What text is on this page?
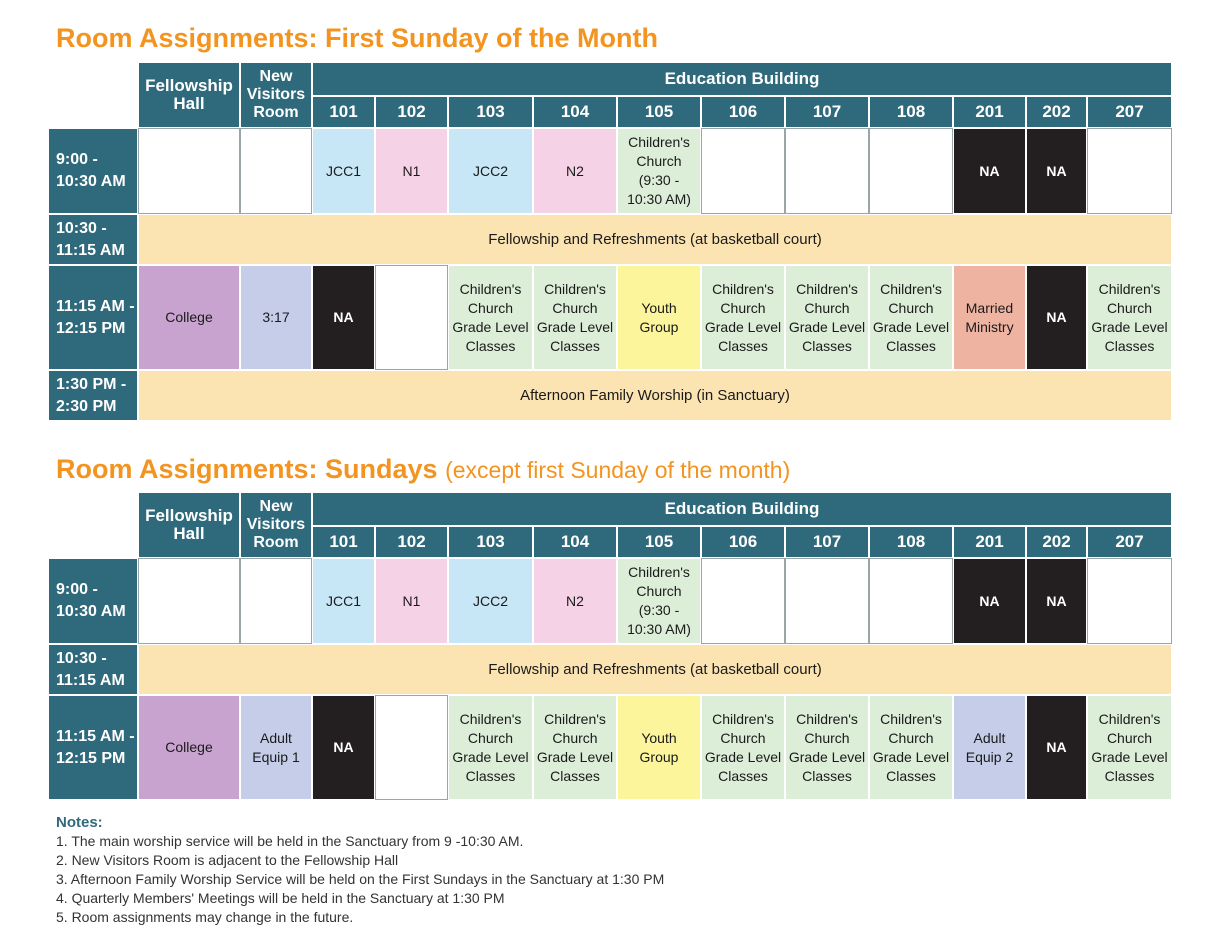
Room Assignments: First Sunday of the Month
	Fellowship Hall	New Visitors Room	Education Building										
			101	102	103	104	105	106	107	108	201	202	207
9:00 - 10:30 AM			JCC1	N1	JCC2	N2	Children's Church (9:30 - 10:30 AM)				NA	NA	
10:30 - 11:15 AM	Fellowship and Refreshments (at basketball court)												
11:15 AM - 12:15 PM	College	3:17	NA		Children's Church Grade Level Classes	Children's Church Grade Level Classes	Youth Group	Children's Church Grade Level Classes	Children's Church Grade Level Classes	Children's Church Grade Level Classes	Married Ministry	NA	Children's Church Grade Level Classes
1:30 PM - 2:30 PM	Afternoon Family Worship (in Sanctuary)												
Room Assignments: Sundays (except first Sunday of the month)
	Fellowship Hall	New Visitors Room	Education Building										
			101	102	103	104	105	106	107	108	201	202	207
9:00 - 10:30 AM			JCC1	N1	JCC2	N2	Children's Church (9:30 - 10:30 AM)				NA	NA	
10:30 - 11:15 AM	Fellowship and Refreshments (at basketball court)												
11:15 AM - 12:15 PM	College	Adult Equip 1	NA		Children's Church Grade Level Classes	Children's Church Grade Level Classes	Youth Group	Children's Church Grade Level Classes	Children's Church Grade Level Classes	Children's Church Grade Level Classes	Adult Equip 2	NA	Children's Church Grade Level Classes
Notes:
1. The main worship service will be held in the Sanctuary from 9 -10:30 AM.
2. New Visitors Room is adjacent to the Fellowship Hall
3. Afternoon Family Worship Service will be held on the First Sundays in the Sanctuary at 1:30 PM
4. Quarterly Members' Meetings will be held in the Sanctuary at 1:30 PM
5. Room assignments may change in the future.
